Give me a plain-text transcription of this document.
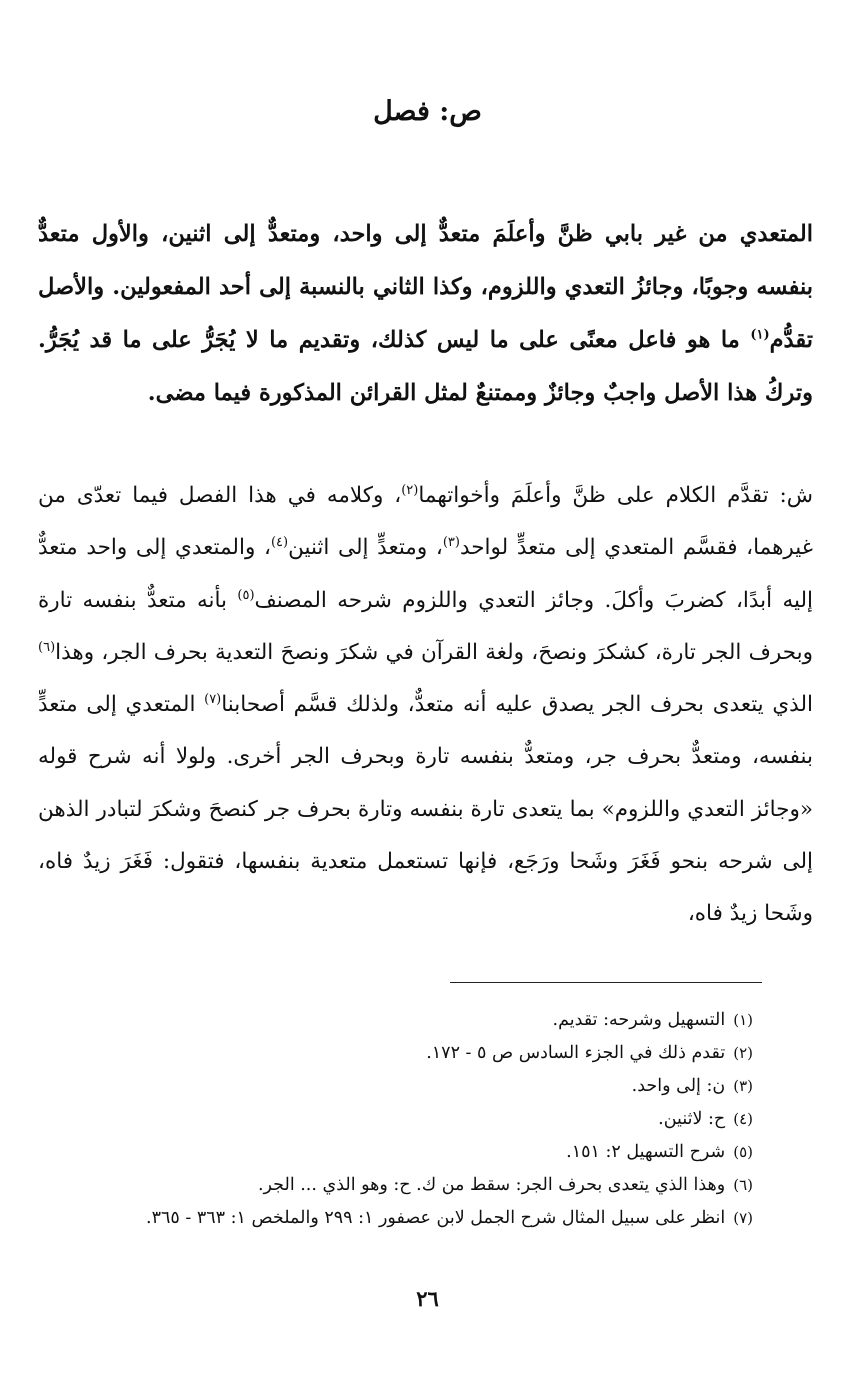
ص: فصل

المتعدي من غير بابي ظنَّ وأعلَمَ متعدٌّ إلى واحد، ومتعدٌّ إلى اثنين، والأول متعدٌّ بنفسه وجوبًا، وجائزُ التعدي واللزوم، وكذا الثاني بالنسبة إلى أحد المفعولين. والأصل تقدُّم$^{(١)}$ ما هو فاعل معنًى على ما ليس كذلك، وتقديم ما لا يُجَرُّ على ما قد يُجَرُّ. وتركُ هذا الأصل واجبٌ وجائزٌ وممتنعٌ لمثل القرائن المذكورة فيما مضى.

ش: تقدَّم الكلام على ظنَّ وأعلَمَ وأخواتهما$^{(٢)}$، وكلامه في هذا الفصل فيما تعدّى من غيرهما، فقسَّم المتعدي إلى متعدٍّ لواحد$^{(٣)}$، ومتعدٍّ إلى اثنين$^{(٤)}$، والمتعدي إلى واحد متعدٌّ إليه أبدًا، كضربَ وأكلَ. وجائز التعدي واللزوم شرحه المصنف$^{(٥)}$ بأنه متعدٌّ بنفسه تارة وبحرف الجر تارة، كشكرَ ونصحَ، ولغة القرآن في شكرَ ونصحَ التعدية بحرف الجر، وهذا$^{(٦)}$ الذي يتعدى بحرف الجر يصدق عليه أنه متعدٌّ، ولذلك قسَّم أصحابنا$^{(٧)}$ المتعدي إلى متعدٍّ بنفسه، ومتعدٌّ بحرف جر، ومتعدٌّ بنفسه تارة وبحرف الجر أخرى. ولولا أنه شرح قوله «وجائز التعدي واللزوم» بما يتعدى تارة بنفسه وتارة بحرف جر كنصحَ وشكرَ لتبادر الذهن إلى شرحه بنحو فَغَرَ وشَحا ورَجَع، فإنها تستعمل متعدية بنفسها، فتقول: فَغَرَ زيدٌ فاه، وشَحا زيدٌ فاه،

(١)التسهيل وشرحه: تقديم.
(٢)تقدم ذلك في الجزء السادس ص ٥ - ١٧٢.
(٣)ن: إلى واحد.
(٤)ح: لاثنين.
(٥)شرح التسهيل ٢: ١٥١.
(٦)وهذا الذي يتعدى بحرف الجر: سقط من ك. ح: وهو الذي ... الجر.
(٧)انظر على سبيل المثال شرح الجمل لابن عصفور ١: ٢٩٩ والملخص ١: ٣٦٣ - ٣٦٥.
٢٦
